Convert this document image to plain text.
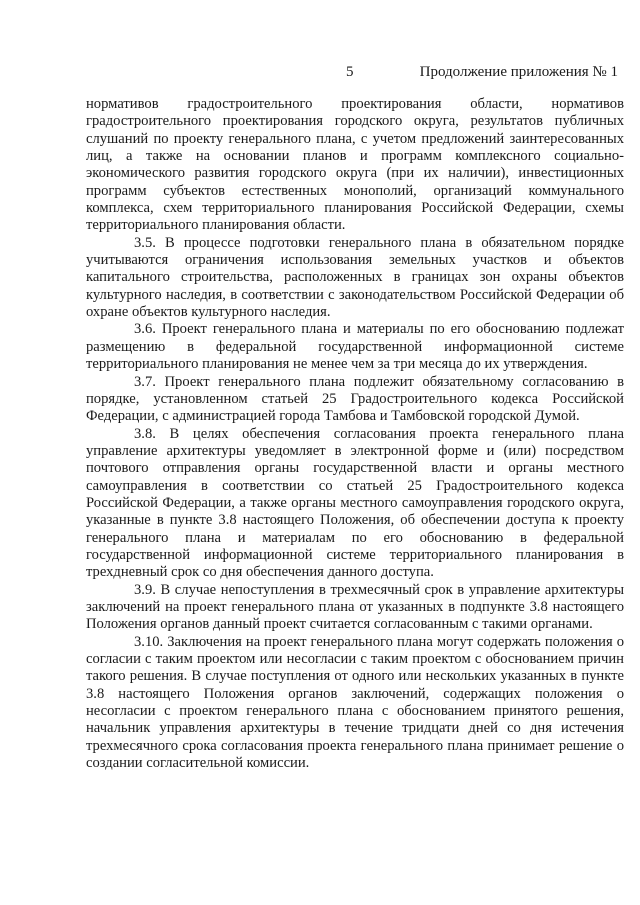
5	Продолжение приложения № 1

нормативов градостроительного проектирования области, нормативов градостроительного проектирования городского округа, результатов публичных слушаний по проекту генерального плана, с учетом предложений заинтересованных лиц, а также на основании планов и программ комплексного социально-экономического развития городского округа (при их наличии), инвестиционных программ субъектов естественных монополий, организаций коммунального комплекса, схем территориального планирования Российской Федерации, схемы территориального планирования области.

3.5. В процессе подготовки генерального плана в обязательном порядке учитываются ограничения использования земельных участков и объектов капитального строительства, расположенных в границах зон охраны объектов культурного наследия, в соответствии с законодательством Российской Федерации об охране объектов культурного наследия.

3.6. Проект генерального плана и материалы по его обоснованию подлежат размещению в федеральной государственной информационной системе территориального планирования не менее чем за три месяца до их утверждения.

3.7. Проект генерального плана подлежит обязательному согласованию в порядке, установленном статьей 25 Градостроительного кодекса Российской Федерации, с администрацией города Тамбова и Тамбовской городской Думой.

3.8. В целях обеспечения согласования проекта генерального плана управление архитектуры уведомляет в электронной форме и (или) посредством почтового отправления органы государственной власти и органы местного самоуправления в соответствии со статьей 25 Градостроительного кодекса Российской Федерации, а также органы местного самоуправления городского округа, указанные в пункте 3.8 настоящего Положения, об обеспечении доступа к проекту генерального плана и материалам по его обоснованию в федеральной государственной информационной системе территориального планирования в трехдневный срок со дня обеспечения данного доступа.

3.9. В случае непоступления в трехмесячный срок в управление архитектуры заключений на проект генерального плана от указанных в подпункте 3.8 настоящего Положения органов данный проект считается согласованным с такими органами.

3.10. Заключения на проект генерального плана могут содержать положения о согласии с таким проектом или несогласии с таким проектом с обоснованием причин такого решения. В случае поступления от одного или нескольких указанных в пункте 3.8 настоящего Положения органов заключений, содержащих положения о несогласии с проектом генерального плана с обоснованием принятого решения, начальник управления архитектуры в течение тридцати дней со дня истечения трехмесячного срока согласования проекта генерального плана принимает решение о создании согласительной комиссии.
